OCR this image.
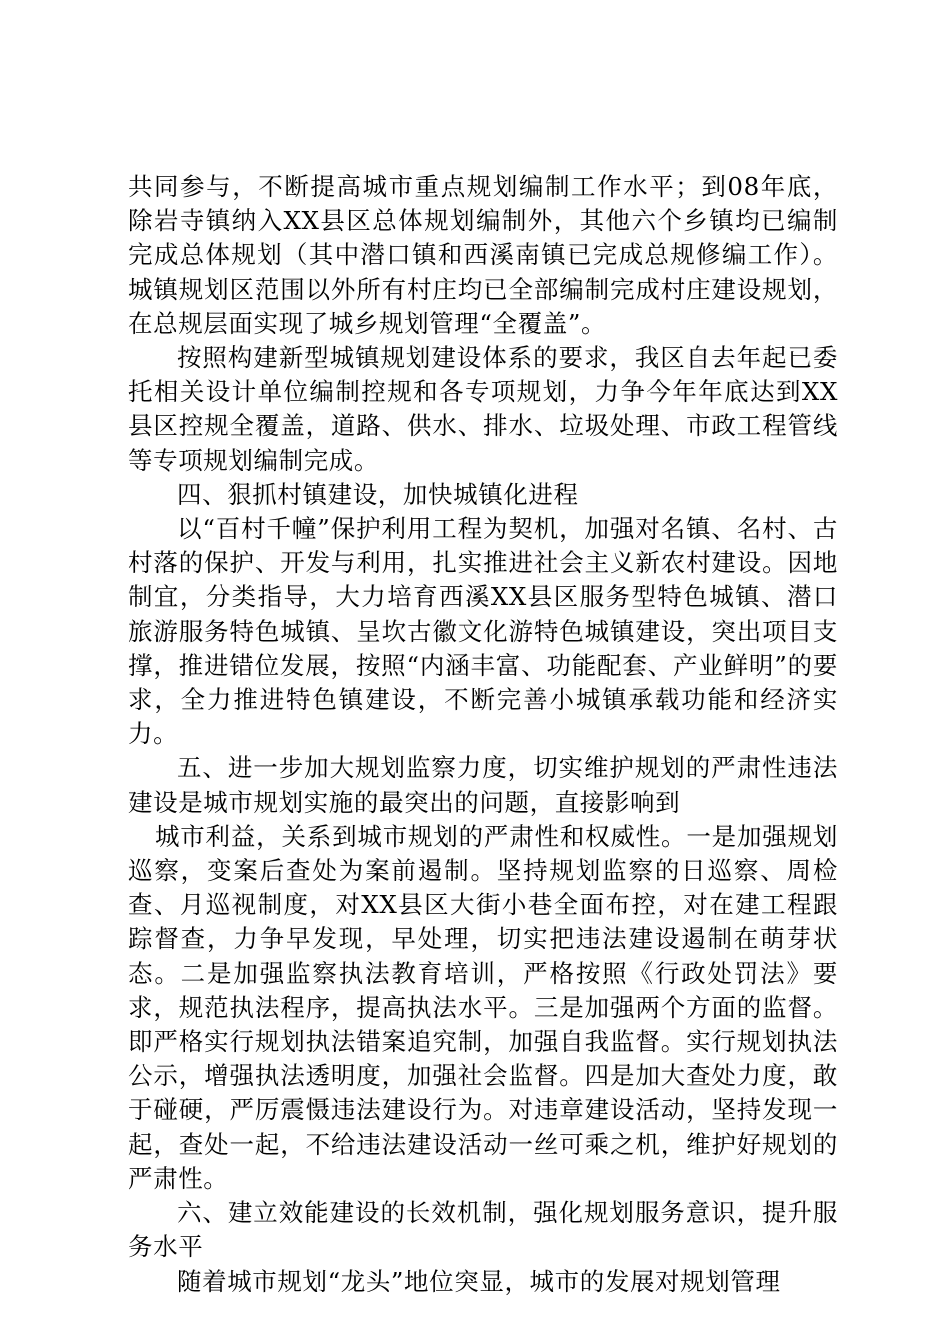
共同参与，不断提高城市重点规划编制工作水平；到08年底，除岩寺镇纳入XX县区总体规划编制外，其他六个乡镇均已编制完成总体规划（其中潜口镇和西溪南镇已完成总规修编工作）。城镇规划区范围以外所有村庄均已全部编制完成村庄建设规划，在总规层面实现了城乡规划管理“全覆盖”。

按照构建新型城镇规划建设体系的要求，我区自去年起已委托相关设计单位编制控规和各专项规划，力争今年年底达到XX县区控规全覆盖，道路、供水、排水、垃圾处理、市政工程管线等专项规划编制完成。

四、狠抓村镇建设，加快城镇化进程

以“百村千幢”保护利用工程为契机，加强对名镇、名村、古村落的保护、开发与利用，扎实推进社会主义新农村建设。因地制宜，分类指导，大力培育西溪XX县区服务型特色城镇、潜口旅游服务特色城镇、呈坎古徽文化游特色城镇建设，突出项目支撑，推进错位发展，按照“内涵丰富、功能配套、产业鲜明”的要求，全力推进特色镇建设，不断完善小城镇承载功能和经济实力。

五、进一步加大规划监察力度，切实维护规划的严肃性违法建设是城市规划实施的最突出的问题，直接影响到

城市利益，关系到城市规划的严肃性和权威性。一是加强规划巡察，变案后查处为案前遏制。坚持规划监察的日巡察、周检查、月巡视制度，对XX县区大街小巷全面布控，对在建工程跟踪督查，力争早发现，早处理，切实把违法建设遏制在萌芽状态。二是加强监察执法教育培训，严格按照《行政处罚法》要求，规范执法程序，提高执法水平。三是加强两个方面的监督。即严格实行规划执法错案追究制，加强自我监督。实行规划执法公示，增强执法透明度，加强社会监督。四是加大查处力度，敢于碰硬，严厉震慑违法建设行为。对违章建设活动，坚持发现一起，查处一起，不给违法建设活动一丝可乘之机，维护好规划的严肃性。

六、建立效能建设的长效机制，强化规划服务意识，提升服务水平

随着城市规划“龙头”地位突显，城市的发展对规划管理
